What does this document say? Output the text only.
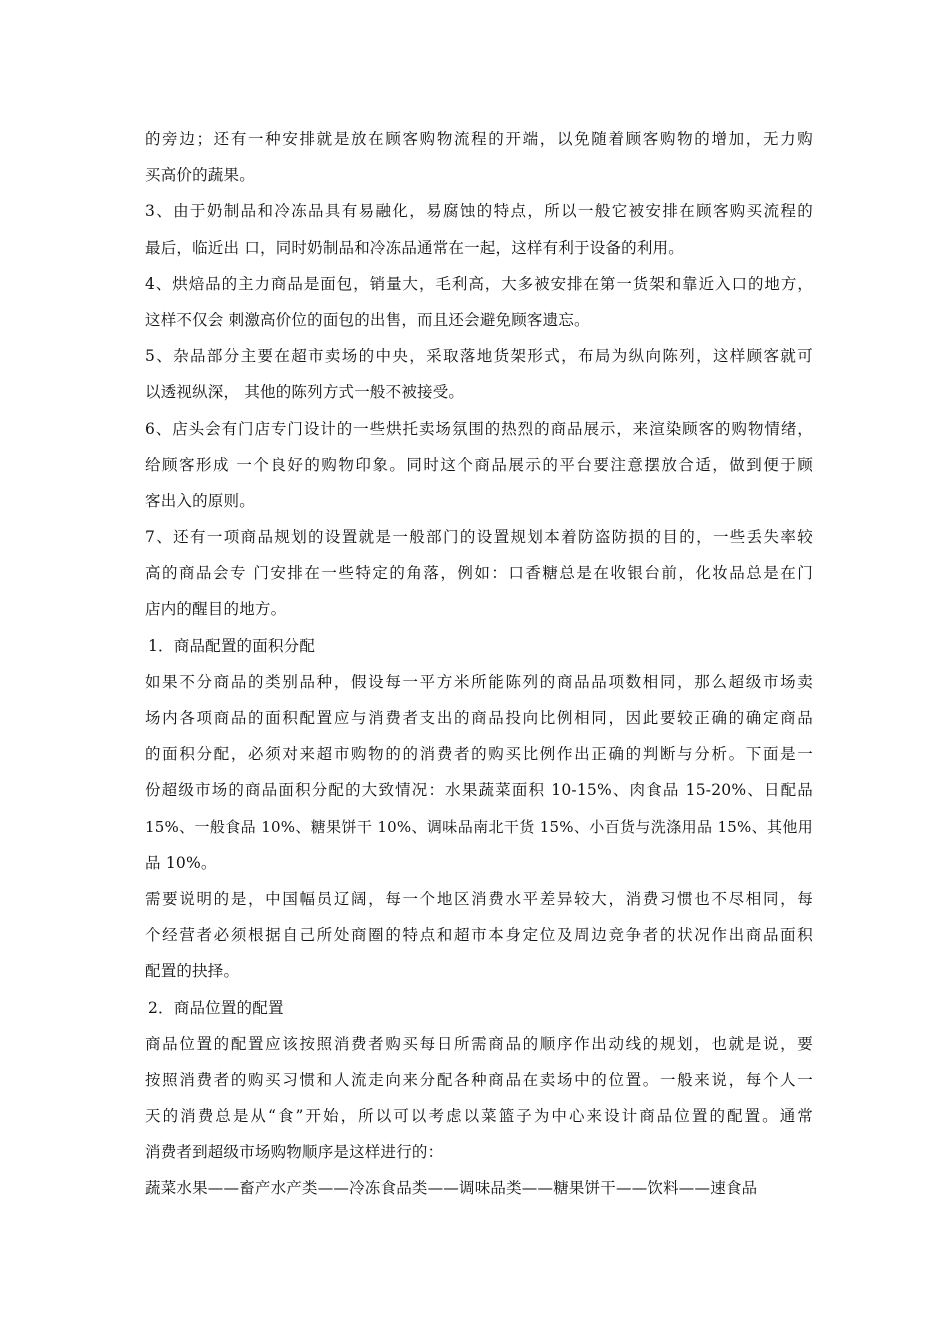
的旁边；还有一种安排就是放在顾客购物流程的开端，以免随着顾客购物的增加，无力购
买高价的蔬果。
3、由于奶制品和冷冻品具有易融化，易腐蚀的特点，所以一般它被安排在顾客购买流程的
最后，临近出 口，同时奶制品和冷冻品通常在一起，这样有利于设备的利用。
4、烘焙品的主力商品是面包，销量大，毛利高，大多被安排在第一货架和靠近入口的地方，
这样不仅会 刺激高价位的面包的出售，而且还会避免顾客遗忘。
5、杂品部分主要在超市卖场的中央，采取落地货架形式，布局为纵向陈列，这样顾客就可
以透视纵深， 其他的陈列方式一般不被接受。
6、店头会有门店专门设计的一些烘托卖场氛围的热烈的商品展示，来渲染顾客的购物情绪，
给顾客形成 一个良好的购物印象。同时这个商品展示的平台要注意摆放合适，做到便于顾
客出入的原则。
7、还有一项商品规划的设置就是一般部门的设置规划本着防盗防损的目的，一些丢失率较
高的商品会专 门安排在一些特定的角落，例如：口香糖总是在收银台前，化妆品总是在门
店内的醒目的地方。
1．商品配置的面积分配
如果不分商品的类别品种，假设每一平方米所能陈列的商品品项数相同，那么超级市场卖
场内各项商品的面积配置应与消费者支出的商品投向比例相同，因此要较正确的确定商品
的面积分配，必须对来超市购物的的消费者的购买比例作出正确的判断与分析。下面是一
份超级市场的商品面积分配的大致情况：水果蔬菜面积 10-15%、肉食品 15-20%、日配品
15%、一般食品 10%、糖果饼干 10%、调味品南北干货 15%、小百货与洗涤用品 15%、其他用
品 10%。
需要说明的是，中国幅员辽阔，每一个地区消费水平差异较大，消费习惯也不尽相同，每
个经营者必须根据自己所处商圈的特点和超市本身定位及周边竞争者的状况作出商品面积
配置的抉择。
2．商品位置的配置
商品位置的配置应该按照消费者购买每日所需商品的顺序作出动线的规划，也就是说，要
按照消费者的购买习惯和人流走向来分配各种商品在卖场中的位置。一般来说，每个人一
天的消费总是从“食”开始，所以可以考虑以菜篮子为中心来设计商品位置的配置。通常
消费者到超级市场购物顺序是这样进行的：
蔬菜水果——畜产水产类——冷冻食品类——调味品类——糖果饼干——饮料——速食品
